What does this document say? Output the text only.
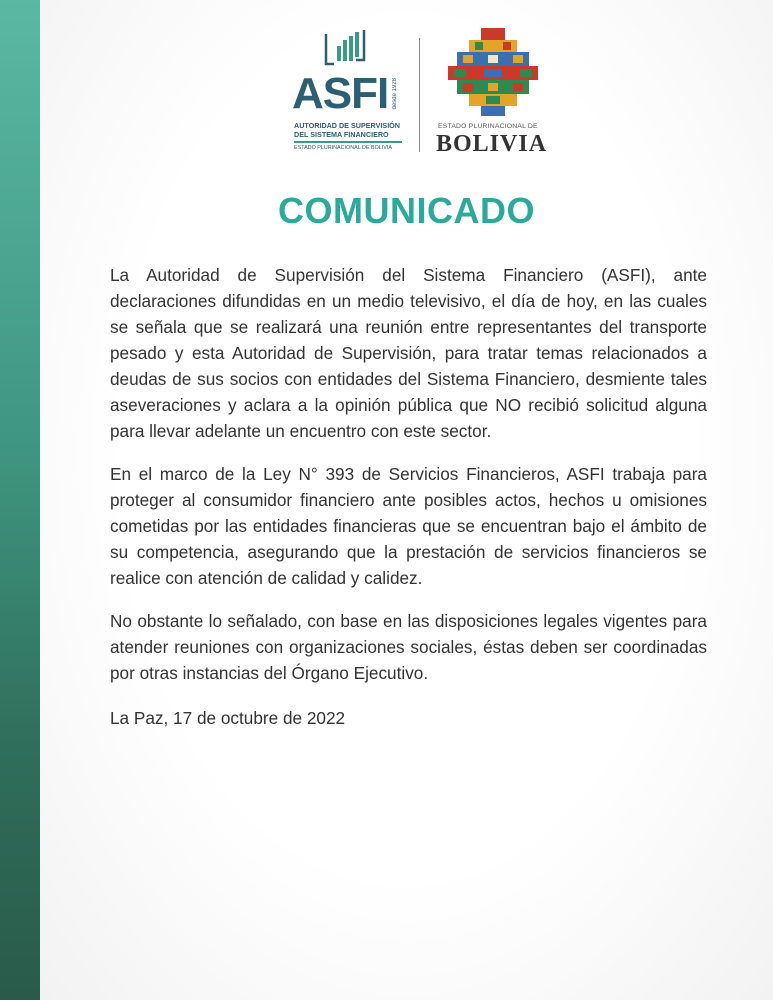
ASFI desde 1928
AUTORIDAD DE SUPERVISIÓN
DEL SISTEMA FINANCIERO
ESTADO PLURINACIONAL DE BOLIVIA
ESTADO PLURINACIONAL DE
BOLIVIA
COMUNICADO

La Autoridad de Supervisión del Sistema Financiero (ASFI), ante declaraciones difundidas en un medio televisivo, el día de hoy, en las cuales se señala que se realizará una reunión entre representantes del transporte pesado y esta Autoridad de Supervisión, para tratar temas relacionados a deudas de sus socios con entidades del Sistema Financiero, desmiente tales aseveraciones y aclara a la opinión pública que NO recibió solicitud alguna para llevar adelante un encuentro con este sector.

En el marco de la Ley N° 393 de Servicios Financieros, ASFI trabaja para proteger al consumidor financiero ante posibles actos, hechos u omisiones cometidas por las entidades financieras que se encuentran bajo el ámbito de su competencia, asegurando que la prestación de servicios financieros se realice con atención de calidad y calidez.

No obstante lo señalado, con base en las disposiciones legales vigentes para atender reuniones con organizaciones sociales, éstas deben ser coordinadas por otras instancias del Órgano Ejecutivo.

La Paz, 17 de octubre de 2022
